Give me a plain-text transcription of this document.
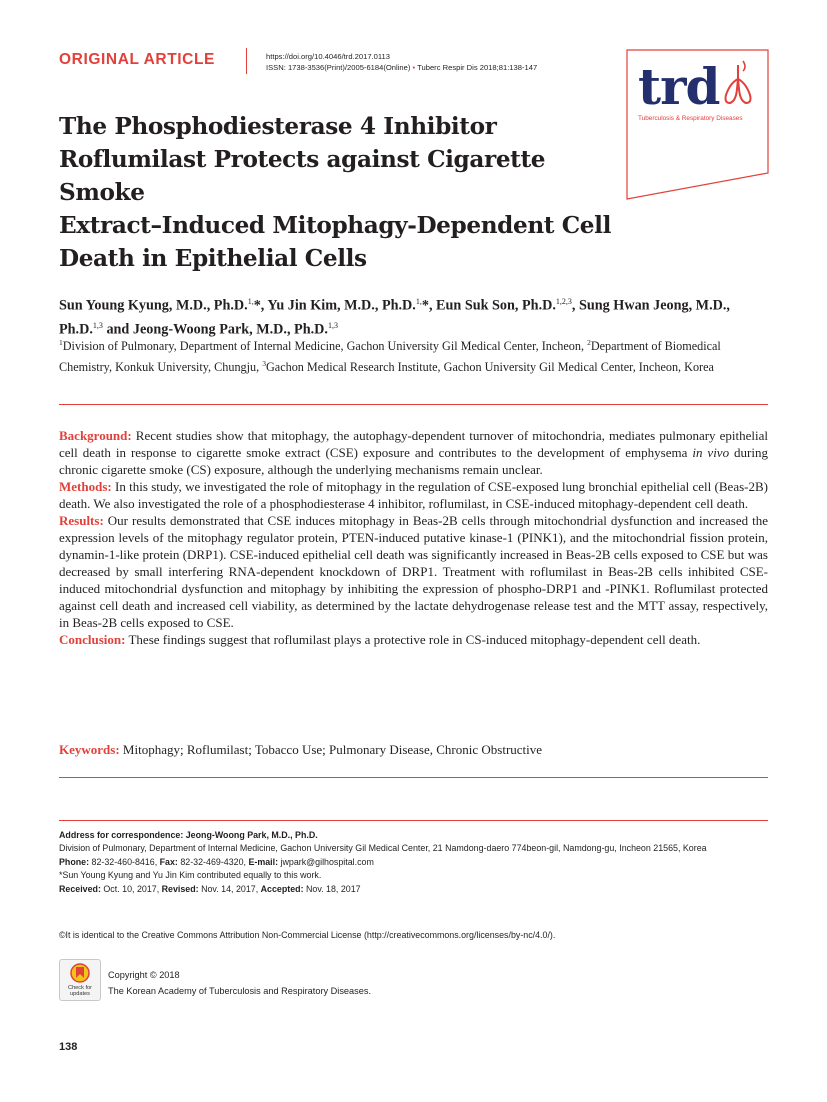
ORIGINAL ARTICLE	https://doi.org/10.4046/trd.2017.0113
ISSN: 1738-3536(Print)/2005-6184(Online) • Tuberc Respir Dis 2018;81:138-147 trd
Tuberculosis & Respiratory Diseases
The Phosphodiesterase 4 Inhibitor
Roflumilast Protects against Cigarette Smoke
Extract–Induced Mitophagy-Dependent Cell
Death in Epithelial Cells
Sun Young Kyung, M.D., Ph.D.$^{1,}$*, Yu Jin Kim, M.D., Ph.D.$^{1,}$*, Eun Suk Son, Ph.D.$^{1,2,3}$, Sung Hwan Jeong, M.D., Ph.D.$^{1,3}$ and Jeong-Woong Park, M.D., Ph.D.$^{1,3}$
$^1$Division of Pulmonary, Department of Internal Medicine, Gachon University Gil Medical Center, Incheon, $^2$Department of Biomedical Chemistry, Konkuk University, Chungju, $^3$Gachon Medical Research Institute, Gachon University Gil Medical Center, Incheon, Korea

Background: Recent studies show that mitophagy, the autophagy-dependent turnover of mitochondria, mediates pulmonary epithelial cell death in response to cigarette smoke extract (CSE) exposure and contributes to the development of emphysema in vivo during chronic cigarette smoke (CS) exposure, although the underlying mechanisms remain unclear.

Methods: In this study, we investigated the role of mitophagy in the regulation of CSE-exposed lung bronchial epithelial cell (Beas-2B) death. We also investigated the role of a phosphodiesterase 4 inhibitor, roflumilast, in CSE-induced mitophagy-dependent cell death.

Results: Our results demonstrated that CSE induces mitophagy in Beas-2B cells through mitochondrial dysfunction and increased the expression levels of the mitophagy regulator protein, PTEN-induced putative kinase-1 (PINK1), and the mitochondrial fission protein, dynamin-1-like protein (DRP1). CSE-induced epithelial cell death was significantly increased in Beas-2B cells exposed to CSE but was decreased by small interfering RNA-dependent knockdown of DRP1. Treatment with roflumilast in Beas-2B cells inhibited CSE-induced mitochondrial dysfunction and mitophagy by inhibiting the expression of phospho-DRP1 and -PINK1. Roflumilast protected against cell death and increased cell viability, as determined by the lactate dehydrogenase release test and the MTT assay, respectively, in Beas-2B cells exposed to CSE.

Conclusion: These findings suggest that roflumilast plays a protective role in CS-induced mitophagy-dependent cell death.

Keywords: Mitophagy; Roflumilast; Tobacco Use; Pulmonary Disease, Chronic Obstructive
Address for correspondence: Jeong-Woong Park, M.D., Ph.D.
Division of Pulmonary, Department of Internal Medicine, Gachon University Gil Medical Center, 21 Namdong-daero 774beon-gil, Namdong-gu, Incheon 21565, Korea
Phone: 82-32-460-8416, Fax: 82-32-469-4320, E-mail: jwpark@gilhospital.com
*Sun Young Kyung and Yu Jin Kim contributed equally to this work.
Received: Oct. 10, 2017, Revised: Nov. 14, 2017, Accepted: Nov. 18, 2017
©It is identical to the Creative Commons Attribution Non-Commercial License (http://creativecommons.org/licenses/by-nc/4.0/).
Check for
updates
Copyright © 2018
The Korean Academy of Tuberculosis and Respiratory Diseases.
138
